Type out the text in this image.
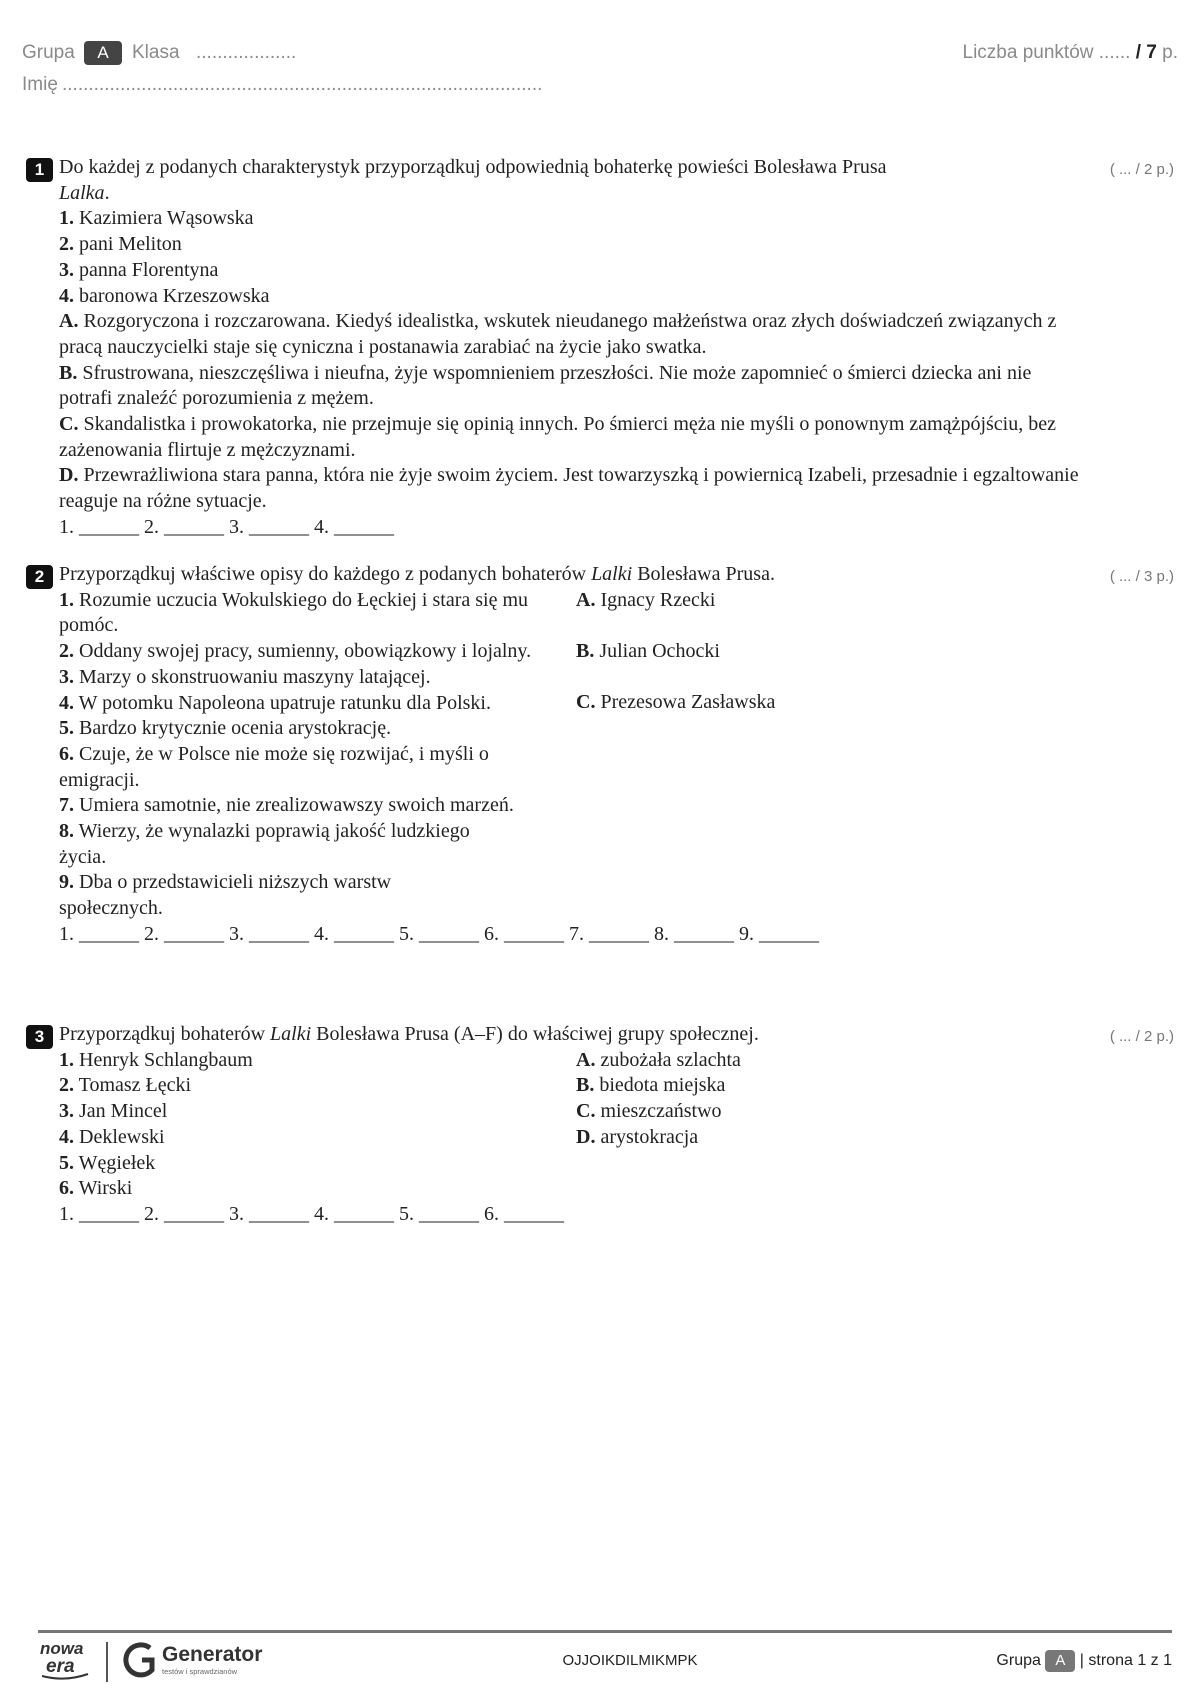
Grupa	A	Klasa ...................	Liczba punktów ...... / 7 p.
Imię ...........................................................................................
1	( ... / 2 p.)
Do każdej z podanych charakterystyk przyporządkuj odpowiednią bohaterkę powieści Bolesława Prusa
Lalka.
1. Kazimiera Wąsowska
2. pani Meliton
3. panna Florentyna
4. baronowa Krzeszowska
A. Rozgoryczona i rozczarowana. Kiedyś idealistka, wskutek nieudanego małżeństwa oraz złych doświadczeń związanych z pracą nauczycielki staje się cyniczna i postanawia zarabiać na życie jako swatka.
B. Sfrustrowana, nieszczęśliwa i nieufna, żyje wspomnieniem przeszłości. Nie może zapomnieć o śmierci dziecka ani nie potrafi znaleźć porozumienia z mężem.
C. Skandalistka i prowokatorka, nie przejmuje się opinią innych. Po śmierci męża nie myśli o ponownym zamążpójściu, bez zażenowania flirtuje z mężczyznami.
D. Przewrażliwiona stara panna, która nie żyje swoim życiem. Jest towarzyszką i powiernicą Izabeli, przesadnie i egzaltowanie reaguje na różne sytuacje.
1. ______ 2. ______ 3. ______ 4. ______
2	( ... / 3 p.)
Przyporządkuj właściwe opisy do każdego z podanych bohaterów Lalki Bolesława Prusa.
1. Rozumie uczucia Wokulskiego do Łęckiej i stara się mu pomóc.
2. Oddany swojej pracy, sumienny, obowiązkowy i lojalny.
3. Marzy o skonstruowaniu maszyny latającej.
4. W potomku Napoleona upatruje ratunku dla Polski.
5. Bardzo krytycznie ocenia arystokrację.
6. Czuje, że w Polsce nie może się rozwijać, i myśli o emigracji.
7. Umiera samotnie, nie zrealizowawszy swoich marzeń.
8. Wierzy, że wynalazki poprawią jakość ludzkiego życia.
9. Dba o przedstawicieli niższych warstw społecznych.
A. Ignacy Rzecki
B. Julian Ochocki
C. Prezesowa Zasławska
1. ______ 2. ______ 3. ______ 4. ______ 5. ______ 6. ______ 7. ______ 8. ______ 9. ______
3	( ... / 2 p.)
Przyporządkuj bohaterów Lalki Bolesława Prusa (A–F) do właściwej grupy społecznej.
1. Henryk Schlangbaum
2. Tomasz Łęcki
3. Jan Mincel
4. Deklewski
5. Węgiełek
6. Wirski
A. zubożała szlachta
B. biedota miejska
C. mieszczaństwo
D. arystokracja
1. ______ 2. ______ 3. ______ 4. ______ 5. ______ 6. ______
nowa
era
Generator
testów i sprawdzianów
OJJOIKDILMIKMPK	Grupa A | strona 1 z 1
